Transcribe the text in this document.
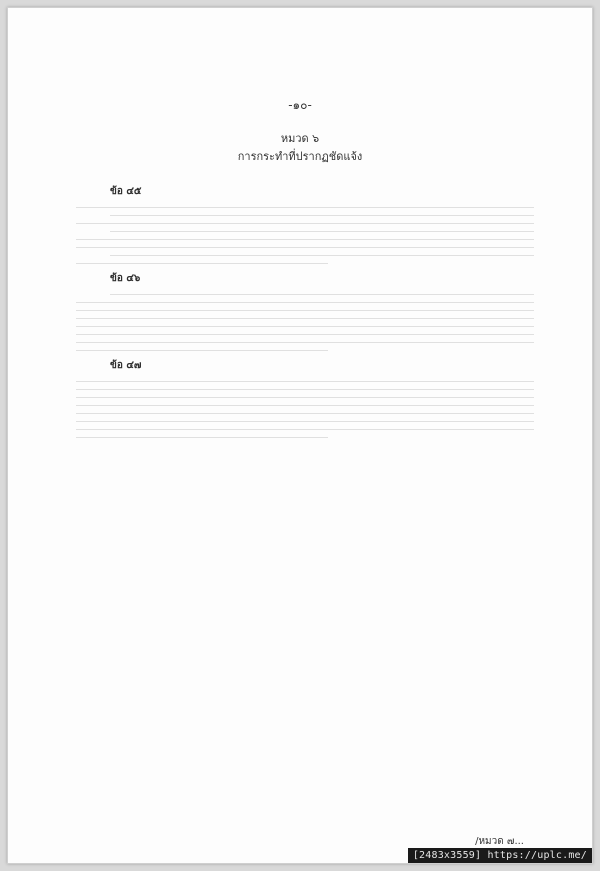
-๑๐-
หมวด ๖
การกระทำที่ปรากฏชัดแจ้ง

ข้อ ๔๕

ข้อ ๔๖

ข้อ ๔๗

/หมวด ๗...
[2483x3559] https://uplc.me/
